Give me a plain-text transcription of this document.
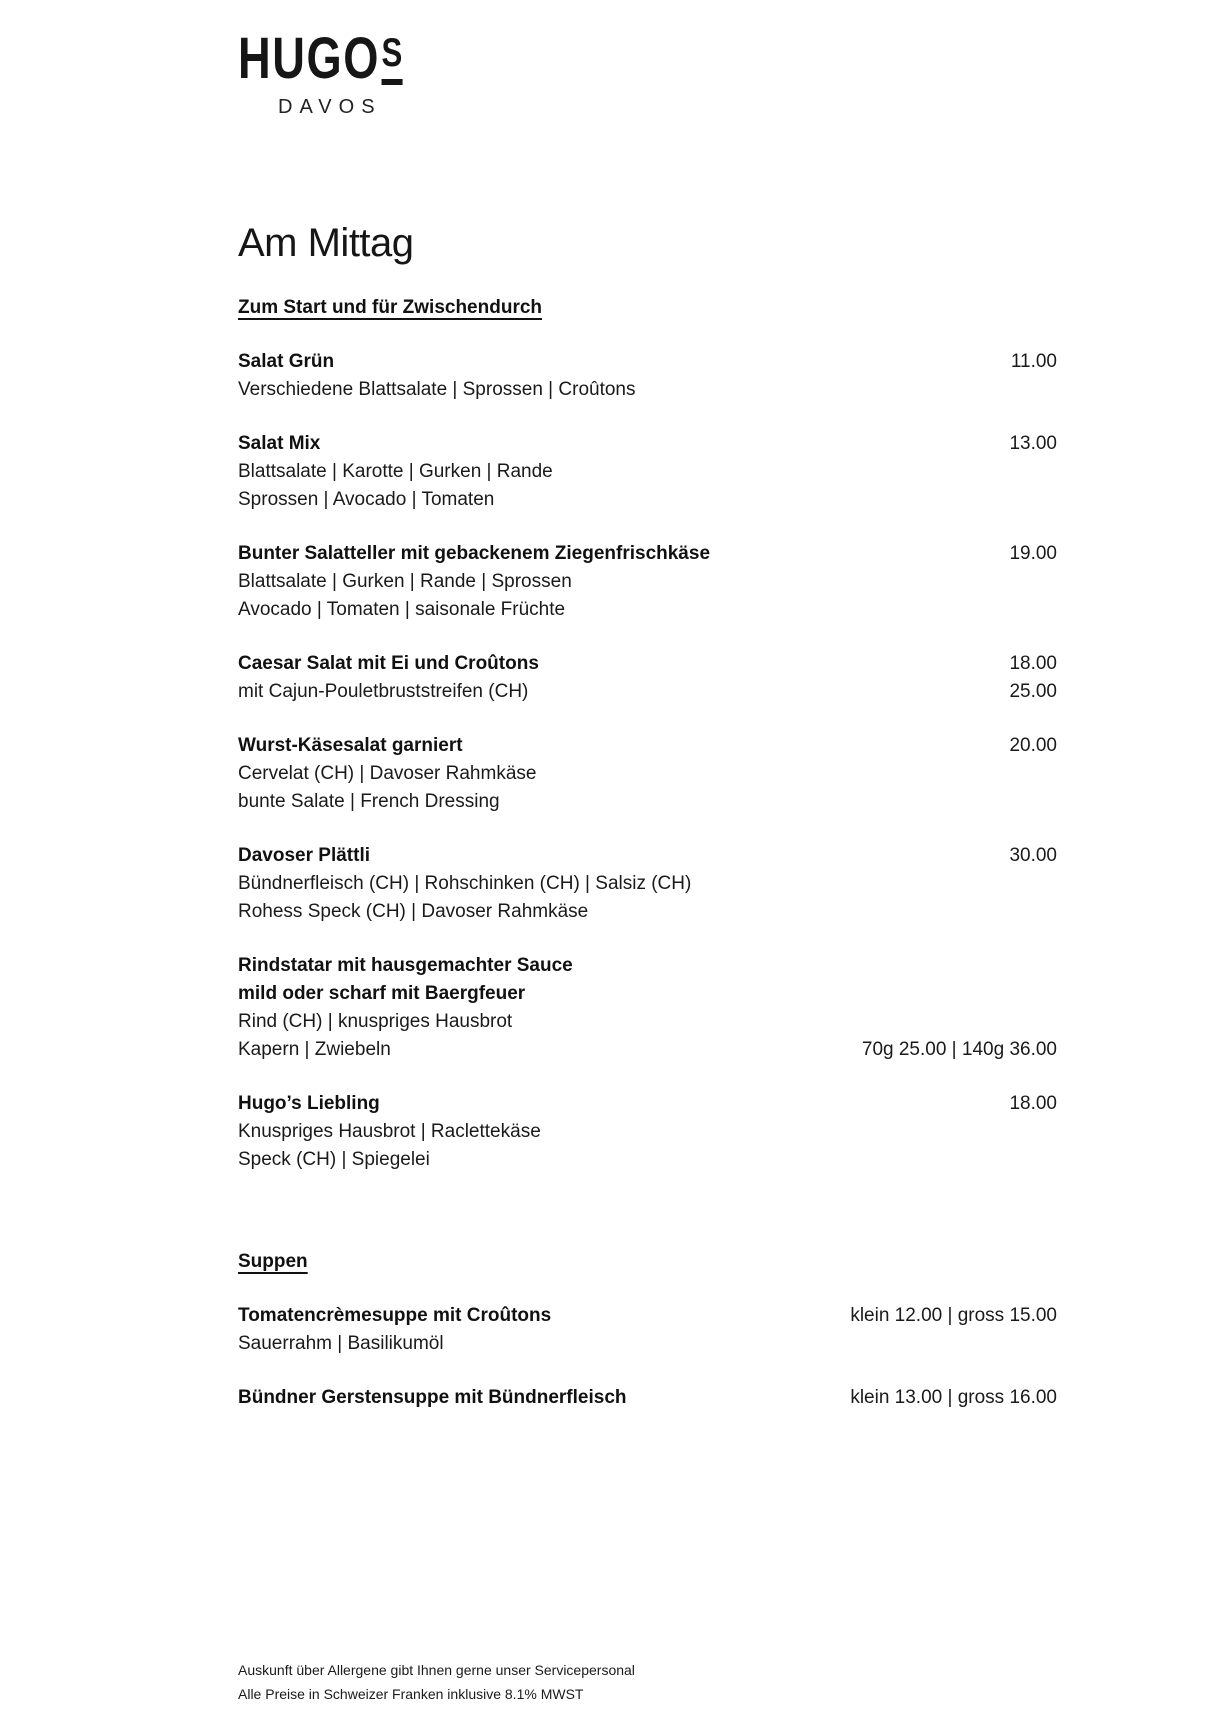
HUGO S
DAVOS
Am Mittag
Zum Start und für Zwischendurch
Salat Grün	11.00
Verschiedene Blattsalate | Sprossen | Croûtons
Salat Mix	13.00
Blattsalate | Karotte | Gurken | Rande
Sprossen | Avocado | Tomaten
Bunter Salatteller mit gebackenem Ziegenfrischkäse	19.00
Blattsalate | Gurken | Rande | Sprossen
Avocado | Tomaten | saisonale Früchte
Caesar Salat mit Ei und Croûtons	18.00
mit Cajun-Pouletbruststreifen (CH)	25.00
Wurst-Käsesalat garniert	20.00
Cervelat (CH) | Davoser Rahmkäse
bunte Salate | French Dressing
Davoser Plättli	30.00
Bündnerfleisch (CH) | Rohschinken (CH) | Salsiz (CH)
Rohess Speck (CH) | Davoser Rahmkäse
Rindstatar mit hausgemachter Sauce
mild oder scharf mit Baergfeuer
Rind (CH) | knuspriges Hausbrot
Kapern | Zwiebeln	70g 25.00 | 140g 36.00
Hugo’s Liebling	18.00
Knuspriges Hausbrot | Raclettekäse
Speck (CH) | Spiegelei
Suppen
Tomatencrèmesuppe mit Croûtons	klein 12.00 | gross 15.00
Sauerrahm | Basilikumöl
Bündner Gerstensuppe mit Bündnerfleisch	klein 13.00 | gross 16.00
Auskunft über Allergene gibt Ihnen gerne unser Servicepersonal
Alle Preise in Schweizer Franken inklusive 8.1% MWST
